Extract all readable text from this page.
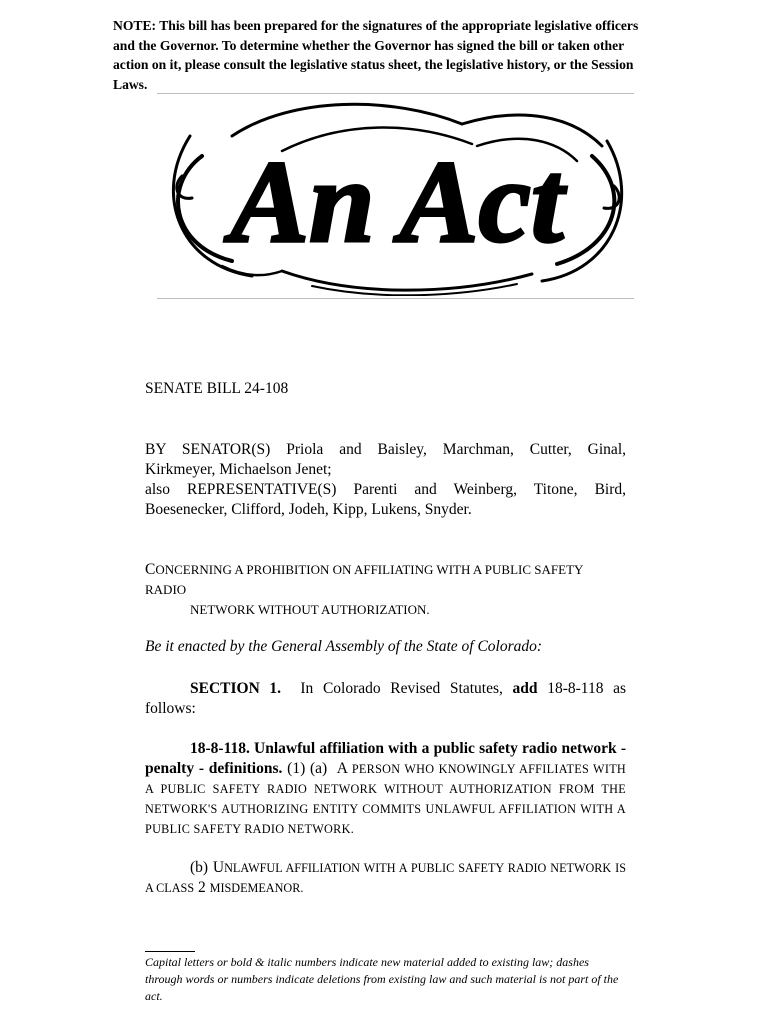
NOTE: This bill has been prepared for the signatures of the appropriate legislative officers and the Governor. To determine whether the Governor has signed the bill or taken other action on it, please consult the legislative status sheet, the legislative history, or the Session Laws.
An Act
SENATE BILL 24-108
BY SENATOR(S) Priola and Baisley, Marchman, Cutter, Ginal,
Kirkmeyer, Michaelson Jenet;
also REPRESENTATIVE(S) Parenti and Weinberg, Titone, Bird,
Boesenecker, Clifford, Jodeh, Kipp, Lukens, Snyder.
CONCERNING A PROHIBITION ON AFFILIATING WITH A PUBLIC SAFETY RADIO
NETWORK WITHOUT AUTHORIZATION.
Be it enacted by the General Assembly of the State of Colorado:
SECTION 1. In Colorado Revised Statutes, add 18-8-118 as follows:
18-8-118. Unlawful affiliation with a public safety radio network - penalty - definitions. (1) (a) A PERSON WHO KNOWINGLY AFFILIATES WITH A PUBLIC SAFETY RADIO NETWORK WITHOUT AUTHORIZATION FROM THE NETWORK'S AUTHORIZING ENTITY COMMITS UNLAWFUL AFFILIATION WITH A PUBLIC SAFETY RADIO NETWORK.
(b) UNLAWFUL AFFILIATION WITH A PUBLIC SAFETY RADIO NETWORK IS A CLASS 2 MISDEMEANOR.
Capital letters or bold & italic numbers indicate new material added to existing law; dashes through words or numbers indicate deletions from existing law and such material is not part of the act.
